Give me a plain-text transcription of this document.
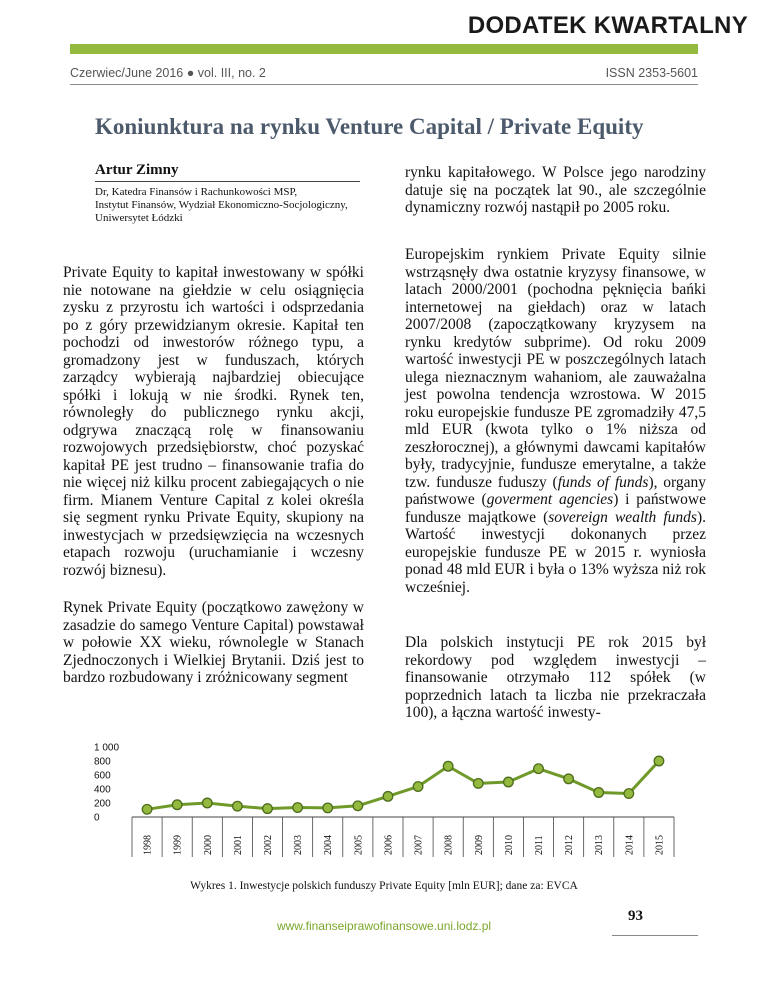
DODATEK KWARTALNY
Czerwiec/June 2016 ● vol. III, no. 2	ISSN 2353-5601
Koniunktura na rynku Venture Capital / Private Equity
Artur Zimny
Dr, Katedra Finansów i Rachunkowości MSP,
Instytut Finansów, Wydział Ekonomiczno-Socjologiczny,
Uniwersytet Łódzki
Private Equity to kapitał inwestowany w spółki nie notowane na giełdzie w celu osiągnięcia zysku z przyrostu ich wartości i odsprzedania po z góry przewidzianym okresie. Kapitał ten pochodzi od inwestorów różnego typu, a gromadzony jest w funduszach, których zarządcy wybierają najbardziej obiecujące spółki i lokują w nie środki. Rynek ten, równoległy do publicznego rynku akcji, odgrywa znaczącą rolę w finansowaniu rozwojowych przedsiębiorstw, choć pozyskać kapitał PE jest trudno – finansowanie trafia do nie więcej niż kilku procent zabiegających o nie firm. Mianem Venture Capital z kolei określa się segment rynku Private Equity, skupiony na inwestycjach w przedsięwzięcia na wczesnych etapach rozwoju (uruchamianie i wczesny rozwój biznesu).
Rynek Private Equity (początkowo zawężony w zasadzie do samego Venture Capital) powstawał w połowie XX wieku, równolegle w Stanach Zjednoczonych i Wielkiej Brytanii. Dziś jest to bardzo rozbudowany i zróżnicowany segment
rynku kapitałowego. W Polsce jego narodziny datuje się na początek lat 90., ale szczególnie dynamiczny rozwój nastąpił po 2005 roku.
Europejskim rynkiem Private Equity silnie wstrząsnęły dwa ostatnie kryzysy finansowe, w latach 2000/2001 (pochodna pęknięcia bańki internetowej na giełdach) oraz w latach 2007/2008 (zapoczątkowany kryzysem na rynku kredytów subprime). Od roku 2009 wartość inwestycji PE w poszczególnych latach ulega nieznacznym wahaniom, ale zauważalna jest powolna tendencja wzrostowa. W 2015 roku europejskie fundusze PE zgromadziły 47,5 mld EUR (kwota tylko o 1% niższa od zeszłorocznej), a głównymi dawcami kapitałów były, tradycyjnie, fundusze emerytalne, a także tzw. fundusze fuduszy (funds of funds), organy państwowe (goverment agencies) i państwowe fundusze majątkowe (sovereign wealth funds). Wartość inwestycji dokonanych przez europejskie fundusze PE w 2015 r. wyniosła ponad 48 mld EUR i była o 13% wyższa niż rok wcześniej.
Dla polskich instytucji PE rok 2015 był rekordowy pod względem inwestycji – finansowanie otrzymało 112 spółek (w poprzednich latach ta liczba nie przekraczała 100), a łączna wartość inwesty-
0
200
400
600
800
1 000
1998 1999 2000 2001 2002 2003 2004 2005 2006 2007 2008 2009 2010 2011 2012 2013 2014 2015
Wykres 1. Inwestycje polskich funduszy Private Equity [mln EUR]; dane za: EVCA
93
www.finanseiprawofinansowe.uni.lodz.pl
